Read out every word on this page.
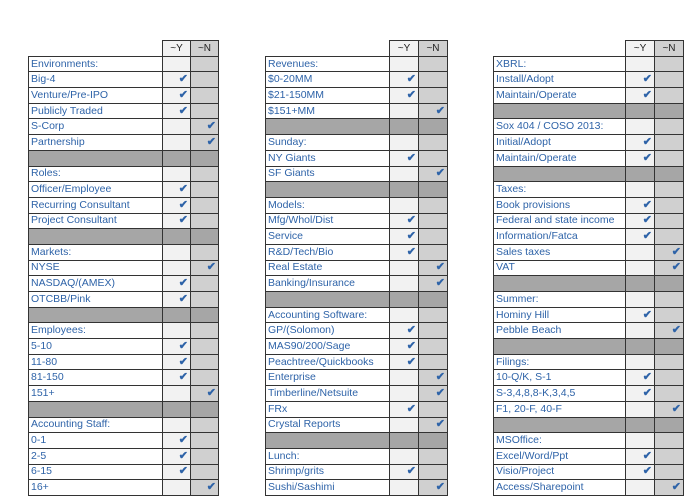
	~Y	~N
Environments:		
Big-4	✔	
Venture/Pre-IPO	✔	
Publicly Traded	✔	
S-Corp		✔
Partnership		✔

Roles:		
Officer/Employee	✔	
Recurring Consultant	✔	
Project Consultant	✔	

Markets:		
NYSE		✔
NASDAQ/(AMEX)	✔	
OTCBB/Pink	✔	

Employees:		
5-10	✔	
11-80	✔	
81-150	✔	
151+		✔

Accounting Staff:		
0-1	✔	
2-5	✔	
6-15	✔	
16+		✔
	~Y	~N
Revenues:		
$0-20MM	✔	
$21-150MM	✔	
$151+MM		✔

Sunday:		
NY Giants	✔	
SF Giants		✔

Models:		
Mfg/Whol/Dist	✔	
Service	✔	
R&D/Tech/Bio	✔	
Real Estate		✔
Banking/Insurance		✔

Accounting Software:		
GP/(Solomon)	✔	
MAS90/200/Sage	✔	
Peachtree/Quickbooks	✔	
Enterprise		✔
Timberline/Netsuite		✔
FRx	✔	
Crystal Reports		✔

Lunch:		
Shrimp/grits	✔	
Sushi/Sashimi		✔
	~Y	~N
XBRL:		
Install/Adopt	✔	
Maintain/Operate	✔	

Sox 404 / COSO 2013:		
Initial/Adopt	✔	
Maintain/Operate	✔	

Taxes:		
Book provisions	✔	
Federal and state income	✔	
Information/Fatca	✔	
Sales taxes		✔
VAT		✔

Summer:		
Hominy Hill	✔	
Pebble Beach		✔

Filings:		
10-Q/K, S-1	✔	
S-3,4,8,8-K,3,4,5	✔	
F1, 20-F, 40-F		✔

MSOffice:		
Excel/Word/Ppt	✔	
Visio/Project	✔	
Access/Sharepoint		✔
